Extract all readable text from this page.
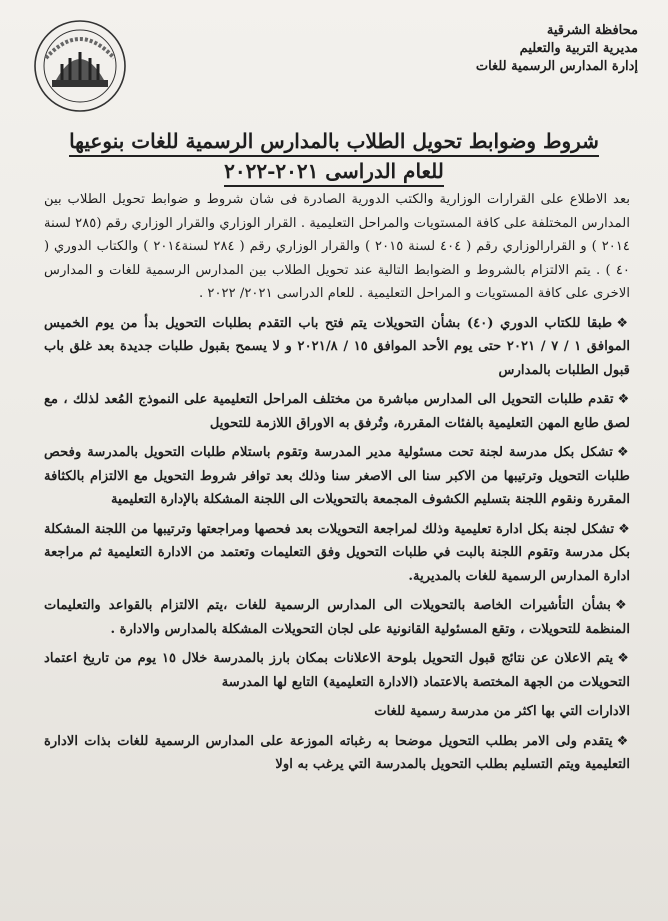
محافظة الشرقية
مديرية التربية والتعليم
إدارة المدارس الرسمية للغات
شروط وضوابط تحويل الطلاب بالمدارس الرسمية للغات بنوعيها
للعام الدراسى ٢٠٢١-٢٠٢٢

بعد الاطلاع على القرارات الوزارية والكتب الدورية الصادرة فى شان شروط و ضوابط تحويل الطلاب بين المدارس المختلفة على كافة المستويات والمراحل التعليمية . القرار الوزاري والقرار الوزاري رقم (٢٨٥ لسنة ٢٠١٤ ) و القرارالوزاري رقم ( ٤٠٤ لسنة ٢٠١٥ ) والقرار الوزاري رقم ( ٢٨٤ لسنة٢٠١٤ ) والكتاب الدوري ( ٤٠ ) . يتم الالتزام بالشروط و الضوابط التالية عند تحويل الطلاب بين المدارس الرسمية للغات و المدارس الاخرى على كافة المستويات و المراحل التعليمية . للعام الدراسى ٢٠٢١/ ٢٠٢٢ .

❖طبقا للكتاب الدوري (٤٠) بشأن التحويلات يتم فتح باب التقدم بطلبات التحويل بدأ من يوم الخميس الموافق ١ / ٧ / ٢٠٢١ حتى يوم الأحد الموافق ١٥ / ٢٠٢١/٨ و لا يسمح بقبول طلبات جديدة بعد غلق باب قبول الطلبات بالمدارس

❖تقدم طلبات التحويل الى المدارس مباشرة من مختلف المراحل التعليمية على النموذج المُعد لذلك ، مع لصق طابع المهن التعليمية بالفئات المقررة، وتُرفق به الاوراق اللازمة للتحويل

❖تشكل بكل مدرسة لجنة تحت مسئولية مدير المدرسة وتقوم باستلام طلبات التحويل بالمدرسة وفحص طلبات التحويل وترتيبها من الاكبر سنا الى الاصغر سنا وذلك بعد توافر شروط التحويل مع الالتزام بالكثافة المقررة ونقوم اللجنة بتسليم الكشوف المجمعة بالتحويلات الى اللجنة المشكلة بالإدارة التعليمية

❖تشكل لجنة بكل ادارة تعليمية وذلك لمراجعة التحويلات بعد فحصها ومراجعتها وترتيبها من اللجنة المشكلة بكل مدرسة وتقوم اللجنة بالبت في طلبات التحويل وفق التعليمات وتعتمد من الادارة التعليمية ثم مراجعة ادارة المدارس الرسمية للغات بالمديرية.

❖بشأن التأشيرات الخاصة بالتحويلات الى المدارس الرسمية للغات ،يتم الالتزام بالقواعد والتعليمات المنظمة للتحويلات ، وتقع المسئولية القانونية على لجان التحويلات المشكلة بالمدارس والادارة .

❖يتم الاعلان عن نتائج قبول التحويل بلوحة الاعلانات بمكان بارز بالمدرسة خلال ١٥ يوم من تاريخ اعتماد التحويلات من الجهة المختصة بالاعتماد (الادارة التعليمية) التابع لها المدرسة

الادارات التي بها اكثر من مدرسة رسمية للغات

❖يتقدم ولى الامر بطلب التحويل موضحا به رغباته الموزعة على المدارس الرسمية للغات بذات الادارة التعليمية ويتم التسليم بطلب التحويل بالمدرسة التي يرغب به اولا
